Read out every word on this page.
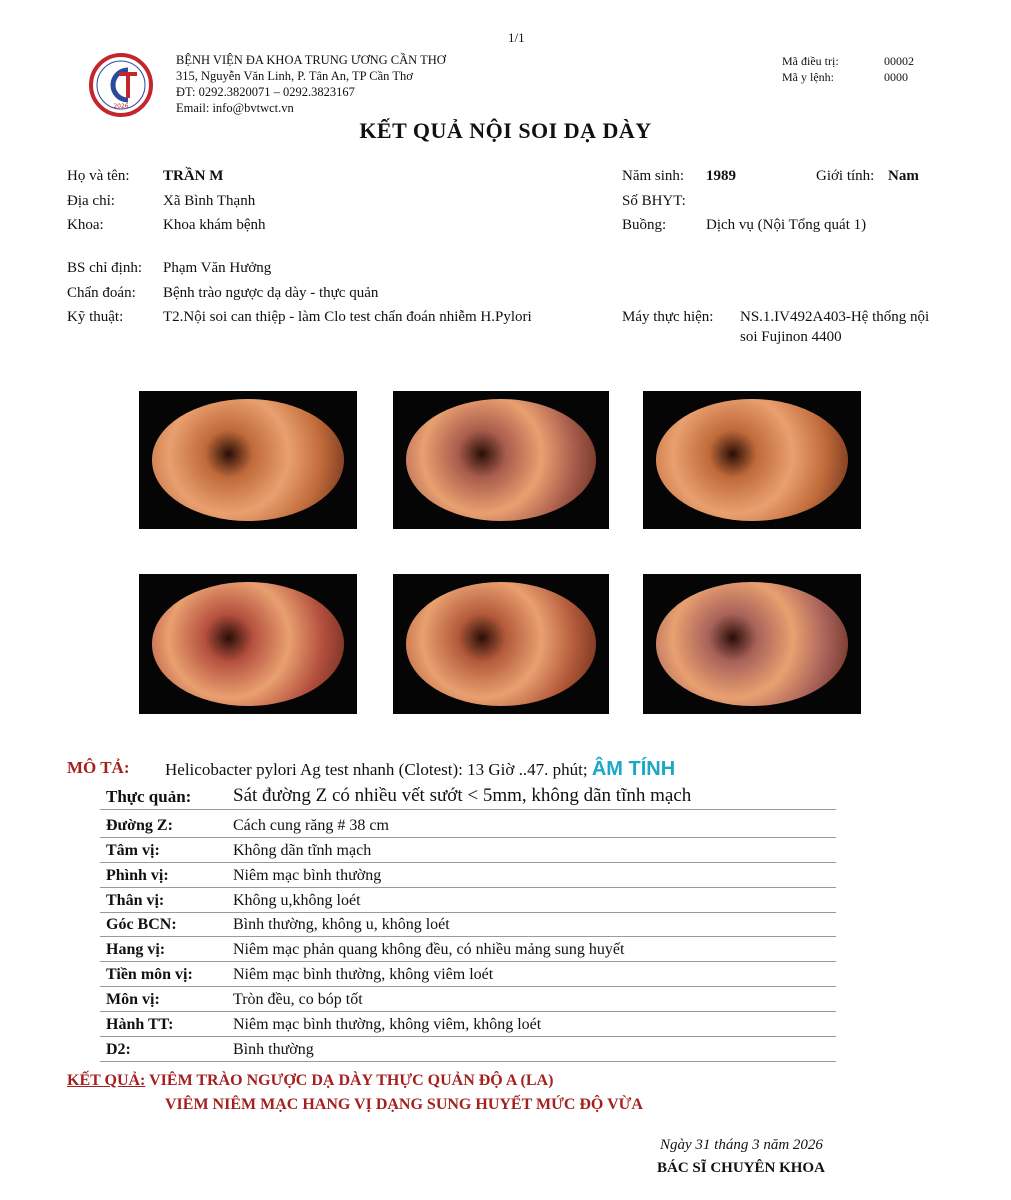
1/1
2026
BỆNH VIỆN ĐA KHOA TRUNG ƯƠNG CẦN THƠ
315, Nguyễn Văn Linh, P. Tân An, TP Cần Thơ
ĐT: 0292.3820071 – 0292.3823167
Email: info@bvtwct.vn
Mã điều trị:	00002
Mã y lệnh:	0000
KẾT QUẢ NỘI SOI DẠ DÀY
Họ và tên: TRẦN M	Năm sinh: 1989	Giới tính: Nam
Địa chỉ:	Xã Bình Thạnh	Số BHYT:
Khoa:	Khoa khám bệnh	Buồng:	Dịch vụ (Nội Tổng quát 1)
BS chỉ định: Phạm Văn Hưởng
Chẩn đoán: Bệnh trào ngược dạ dày - thực quản
Kỹ thuật:	T2.Nội soi can thiệp - làm Clo test chẩn đoán nhiễm H.Pylori	Máy thực hiện: NS.1.IV492A403-Hệ thống nội
soi Fujinon 4400
MÔ TẢ: Helicobacter pylori Ag test nhanh (Clotest): 13 Giờ ..47. phút; ÂM TÍNH
Thực quản: Sát đường Z có nhiều vết sướt < 5mm, không dãn tĩnh mạch
Đường Z:	Cách cung răng # 38 cm
Tâm vị:	Không dãn tĩnh mạch
Phình vị:	Niêm mạc bình thường
Thân vị:	Không u,không loét
Góc BCN:	Bình thường, không u, không loét
Hang vị:	Niêm mạc phản quang không đều, có nhiều mảng sung huyết
Tiền môn vị:	Niêm mạc bình thường, không viêm loét
Môn vị:	Tròn đều, co bóp tốt
Hành TT:	Niêm mạc bình thường, không viêm, không loét
D2:	Bình thường
KẾT QUẢ: VIÊM TRÀO NGƯỢC DẠ DÀY THỰC QUẢN ĐỘ A (LA)
VIÊM NIÊM MẠC HANG VỊ DẠNG SUNG HUYẾT MỨC ĐỘ VỪA
Ngày 31 tháng 3 năm 2026
BÁC SĨ CHUYÊN KHOA
